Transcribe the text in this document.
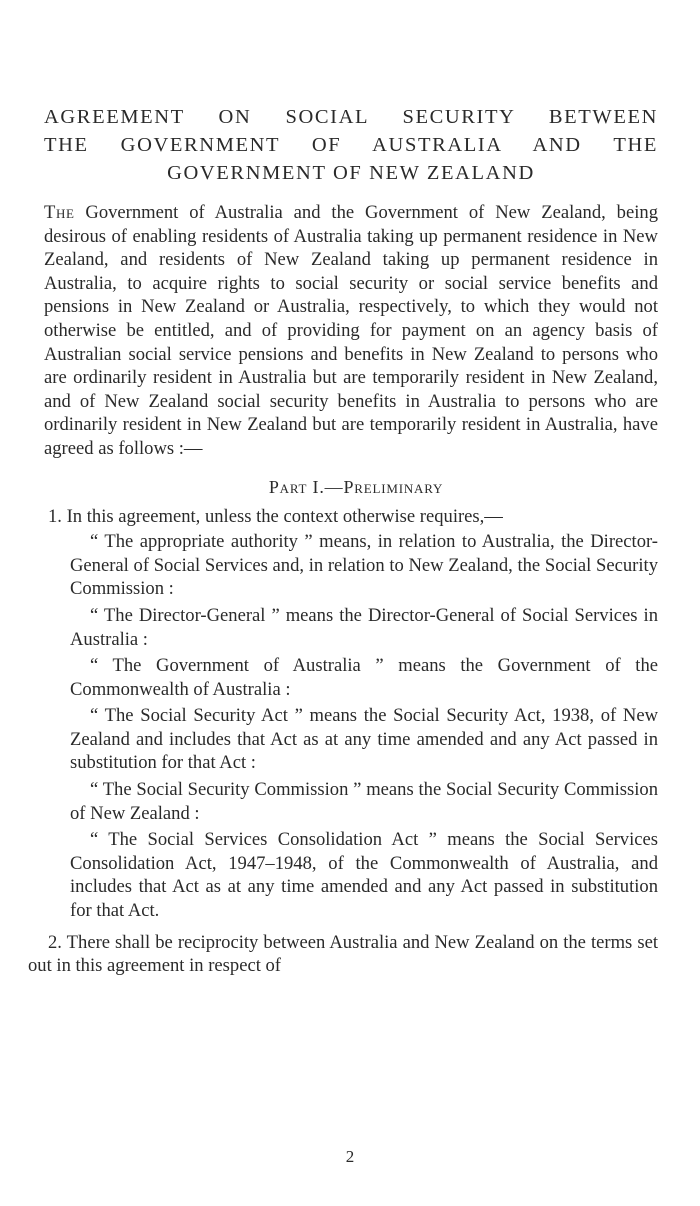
AGREEMENT ON SOCIAL SECURITY BETWEEN
THE GOVERNMENT OF AUSTRALIA AND THE
GOVERNMENT OF NEW ZEALAND

The Government of Australia and the Government of New Zealand, being desirous of enabling residents of Australia taking up permanent residence in New Zealand, and residents of New Zealand taking up permanent residence in Australia, to acquire rights to social security or social service benefits and pensions in New Zealand or Australia, respectively, to which they would not otherwise be entitled, and of providing for payment on an agency basis of Australian social service pensions and benefits in New Zealand to persons who are ordinarily resident in Australia but are temporarily resident in New Zealand, and of New Zealand social security benefits in Australia to persons who are ordinarily resident in New Zealand but are temporarily resident in Australia, have agreed as follows :—

Part I.—Preliminary

1. In this agreement, unless the context otherwise requires,—

“ The appropriate authority ” means, in relation to Australia, the Director-General of Social Services and, in relation to New Zealand, the Social Security Commission :

“ The Director-General ” means the Director-General of Social Services in Australia :

“ The Government of Australia ” means the Government of the Commonwealth of Australia :

“ The Social Security Act ” means the Social Security Act, 1938, of New Zealand and includes that Act as at any time amended and any Act passed in substitution for that Act :

“ The Social Security Commission ” means the Social Security Commission of New Zealand :

“ The Social Services Consolidation Act ” means the Social Services Consolidation Act, 1947–1948, of the Commonwealth of Australia, and includes that Act as at any time amended and any Act passed in substitution for that Act.

2. There shall be reciprocity between Australia and New Zealand on the terms set out in this agreement in respect of

2
